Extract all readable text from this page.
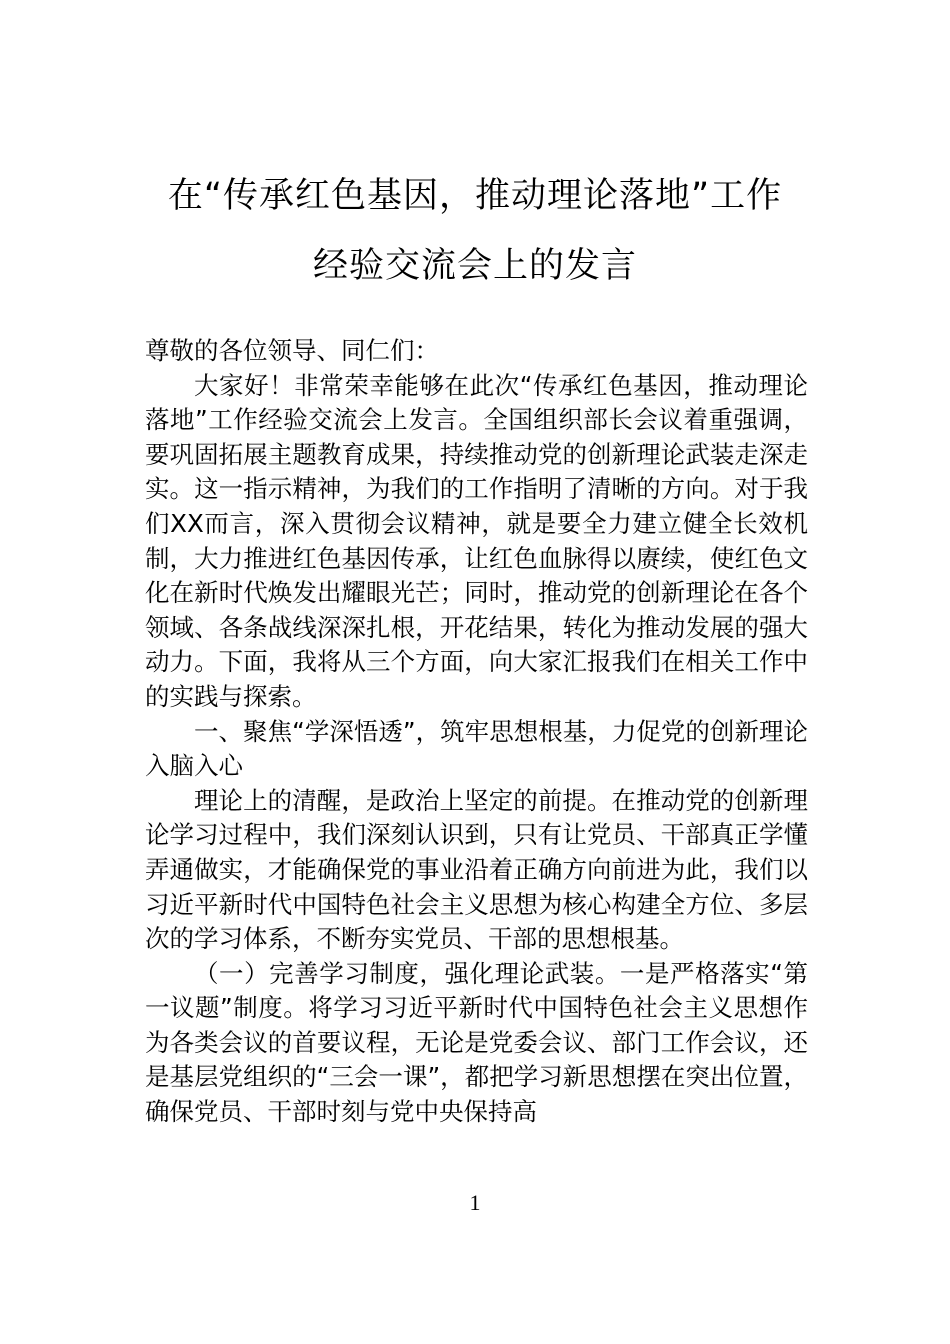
在“传承红色基因，推动理论落地”工作
经验交流会上的发言

尊敬的各位领导、同仁们：

大家好！非常荣幸能够在此次“传承红色基因，推动理论落地”工作经验交流会上发言。全国组织部长会议着重强调，要巩固拓展主题教育成果，持续推动党的创新理论武装走深走实。这一指示精神，为我们的工作指明了清晰的方向。对于我们XX而言，深入贯彻会议精神，就是要全力建立健全长效机制，大力推进红色基因传承，让红色血脉得以赓续，使红色文化在新时代焕发出耀眼光芒；同时，推动党的创新理论在各个领域、各条战线深深扎根，开花结果，转化为推动发展的强大动力。下面，我将从三个方面，向大家汇报我们在相关工作中的实践与探索。

一、聚焦“学深悟透”，筑牢思想根基，力促党的创新理论入脑入心

理论上的清醒，是政治上坚定的前提。在推动党的创新理论学习过程中，我们深刻认识到，只有让党员、干部真正学懂弄通做实，才能确保党的事业沿着正确方向前进为此，我们以习近平新时代中国特色社会主义思想为核心构建全方位、多层次的学习体系，不断夯实党员、干部的思想根基。

（一）完善学习制度，强化理论武装。一是严格落实“第一议题”制度。将学习习近平新时代中国特色社会主义思想作为各类会议的首要议程，无论是党委会议、部门工作会议，还是基层党组织的“三会一课”，都把学习新思想摆在突出位置，确保党员、干部时刻与党中央保持高

1
